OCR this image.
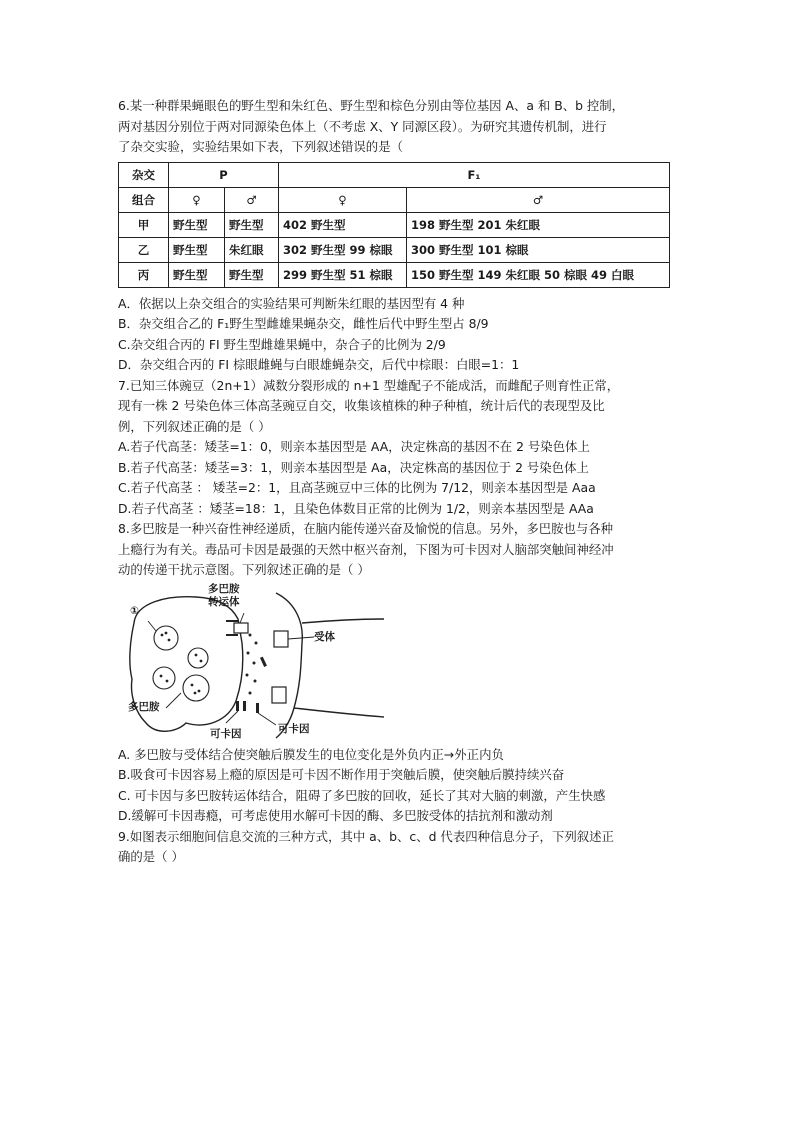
6.某一种群果蝇眼色的野生型和朱红色、野生型和棕色分别由等位基因 A、a 和 B、b 控制，

两对基因分别位于两对同源染色体上（不考虑 X、Y 同源区段）。为研究其遗传机制，进行

了杂交实验，实验结果如下表，下列叙述错误的是（

杂交	P		F₁	
组合	♀	♂	♀	♂
甲	野生型	野生型	402 野生型	198 野生型 201 朱红眼
乙	野生型	朱红眼	302 野生型 99 棕眼	300 野生型 101 棕眼
丙	野生型	野生型	299 野生型 51 棕眼	150 野生型 149 朱红眼 50 棕眼 49 白眼

A．依据以上杂交组合的实验结果可判断朱红眼的基因型有 4 种

B．杂交组合乙的 F₁野生型雌雄果蝇杂交，雌性后代中野生型占 8/9

C.杂交组合丙的 FI 野生型雌雄果蝇中，杂合子的比例为 2/9

D．杂交组合丙的 FI 棕眼雌蝇与白眼雄蝇杂交，后代中棕眼：白眼=1：1

7.已知三体豌豆（2n+1）减数分裂形成的 n+1 型雄配子不能成活，而雌配子则育性正常，

现有一株 2 号染色体三体高茎豌豆自交，收集该植株的种子种植，统计后代的表现型及比

例，下列叙述正确的是（ ）

A.若子代高茎：矮茎=1：0，则亲本基因型是 AA，决定株高的基因不在 2 号染色体上

B.若子代高茎：矮茎=3：1，则亲本基因型是 Aa，决定株高的基因位于 2 号染色体上

C.若子代高茎 ： 矮茎=2：1，且高茎豌豆中三体的比例为 7/12，则亲本基因型是 Aaa

D.若子代高茎 ：矮茎=18：1，且染色体数目正常的比例为 1/2，则亲本基因型是 AAa

8.多巴胺是一种兴奋性神经递质，在脑内能传递兴奋及愉悦的信息。另外，多巴胺也与各种

上瘾行为有关。毒品可卡因是最强的天然中枢兴奋剂，下图为可卡因对人脑部突触间神经冲

动的传递干扰示意图。下列叙述正确的是（ ）

多巴胺
转运体
受体
①
多巴胺
可卡因	可卡因

A. 多巴胺与受体结合使突触后膜发生的电位变化是外负内正→外正内负

B.吸食可卡因容易上瘾的原因是可卡因不断作用于突触后膜，使突触后膜持续兴奋

C. 可卡因与多巴胺转运体结合，阻碍了多巴胺的回收，延长了其对大脑的刺激，产生快感

D.缓解可卡因毒瘾，可考虑使用水解可卡因的酶、多巴胺受体的拮抗剂和激动剂

9.如图表示细胞间信息交流的三种方式，其中 a、b、c、d 代表四种信息分子，下列叙述正

确的是（ ）
